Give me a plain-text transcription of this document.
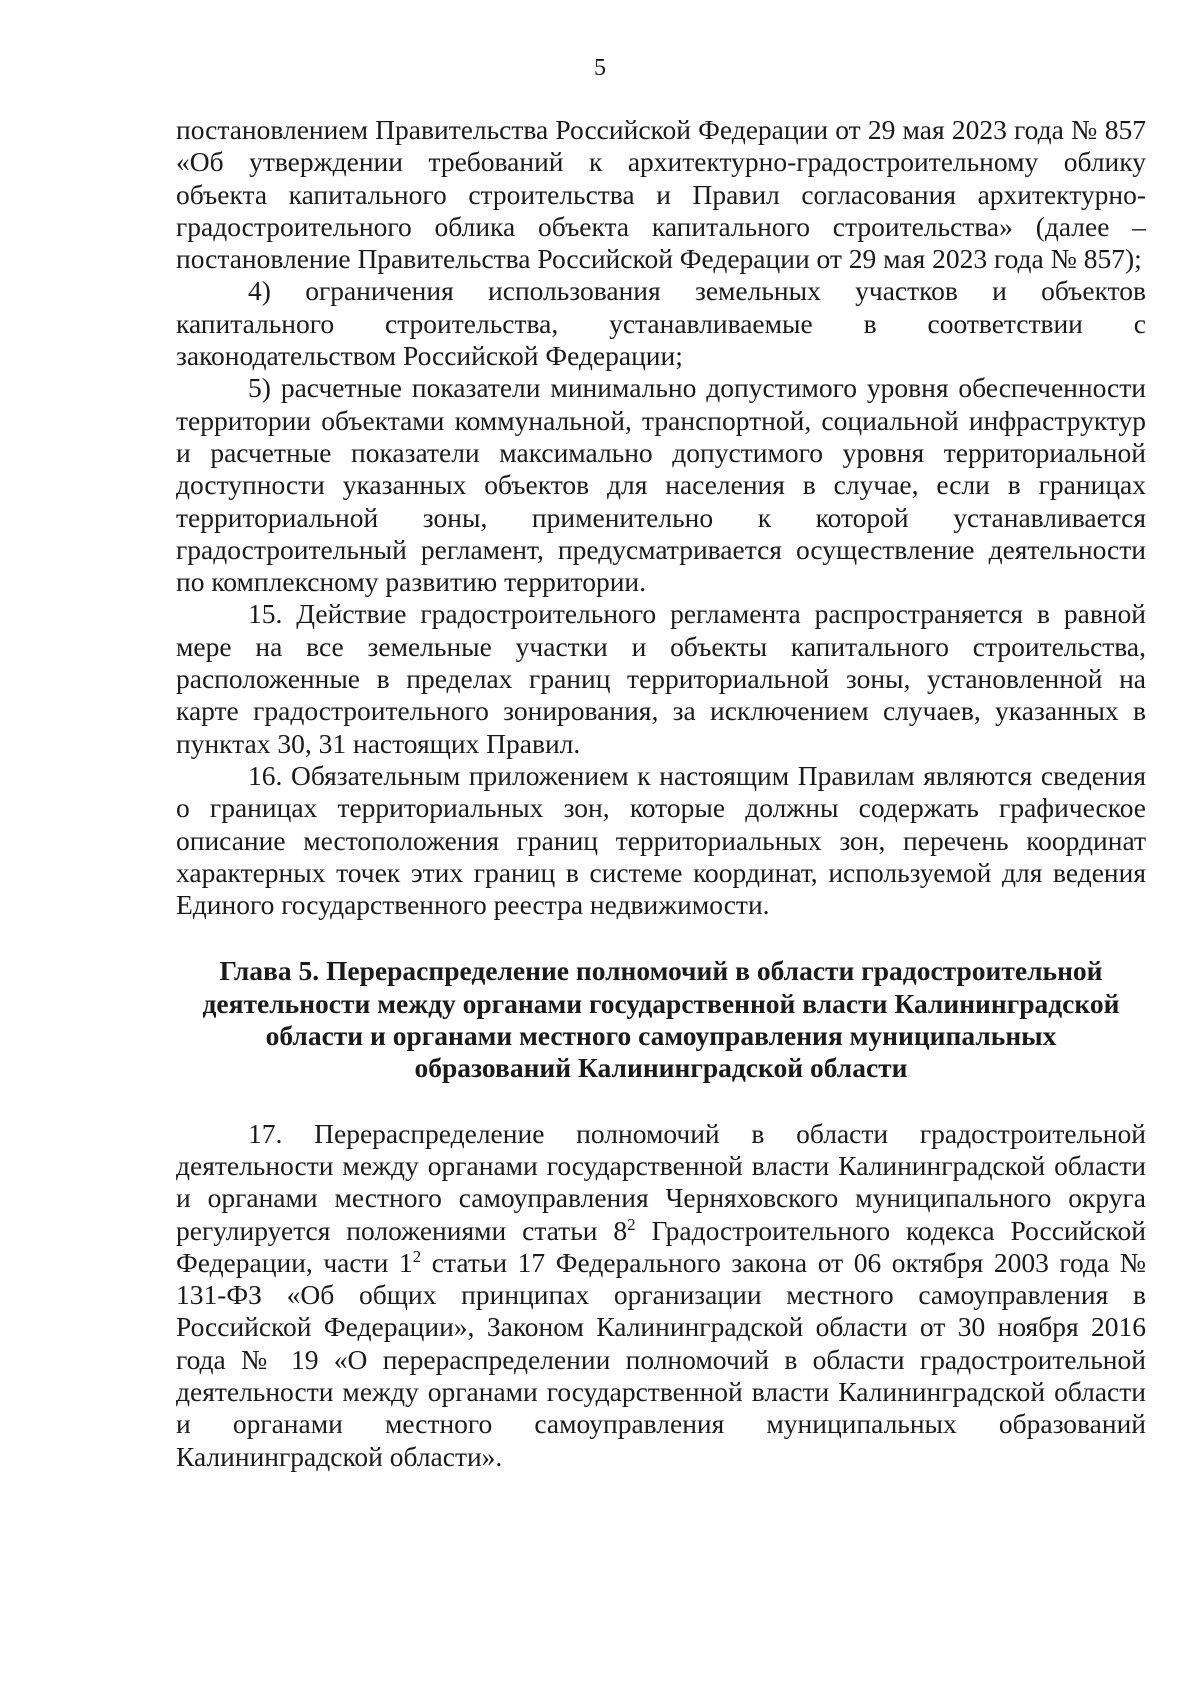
5

постановлением Правительства Российской Федерации от 29 мая 2023 года № 857 «Об утверждении требований к архитектурно-градостроительному облику объекта капитального строительства и Правил согласования архитектурно-градостроительного облика объекта капитального строительства» (далее – постановление Правительства Российской Федерации от 29 мая 2023 года № 857);

4) ограничения использования земельных участков и объектов капитального строительства, устанавливаемые в соответствии с законодательством Российской Федерации;

5) расчетные показатели минимально допустимого уровня обеспеченности территории объектами коммунальной, транспортной, социальной инфраструктур и расчетные показатели максимально допустимого уровня территориальной доступности указанных объектов для населения в случае, если в границах территориальной зоны, применительно к которой устанавливается градостроительный регламент, предусматривается осуществление деятельности по комплексному развитию территории.

15. Действие градостроительного регламента распространяется в равной мере на все земельные участки и объекты капитального строительства, расположенные в пределах границ территориальной зоны, установленной на карте градостроительного зонирования, за исключением случаев, указанных в пунктах 30, 31 настоящих Правил.

16. Обязательным приложением к настоящим Правилам являются сведения о границах территориальных зон, которые должны содержать графическое описание местоположения границ территориальных зон, перечень координат характерных точек этих границ в системе координат, используемой для ведения Единого государственного реестра недвижимости.

Глава 5. Перераспределение полномочий в области градостроительной
деятельности между органами государственной власти Калининградской
области и органами местного самоуправления муниципальных
образований Калининградской области

17. Перераспределение полномочий в области градостроительной деятельности между органами государственной власти Калининградской области и органами местного самоуправления Черняховского муниципального округа регулируется положениями статьи $8^2$ Градостроительного кодекса Российской Федерации, части $1^2$ статьи 17 Федерального закона от 06 октября 2003 года № 131-ФЗ «Об общих принципах организации местного самоуправления в Российской Федерации», Законом Калининградской области от 30 ноября 2016 года № 19 «О перераспределении полномочий в области градостроительной деятельности между органами государственной власти Калининградской области и органами местного самоуправления муниципальных образований Калининградской области».
